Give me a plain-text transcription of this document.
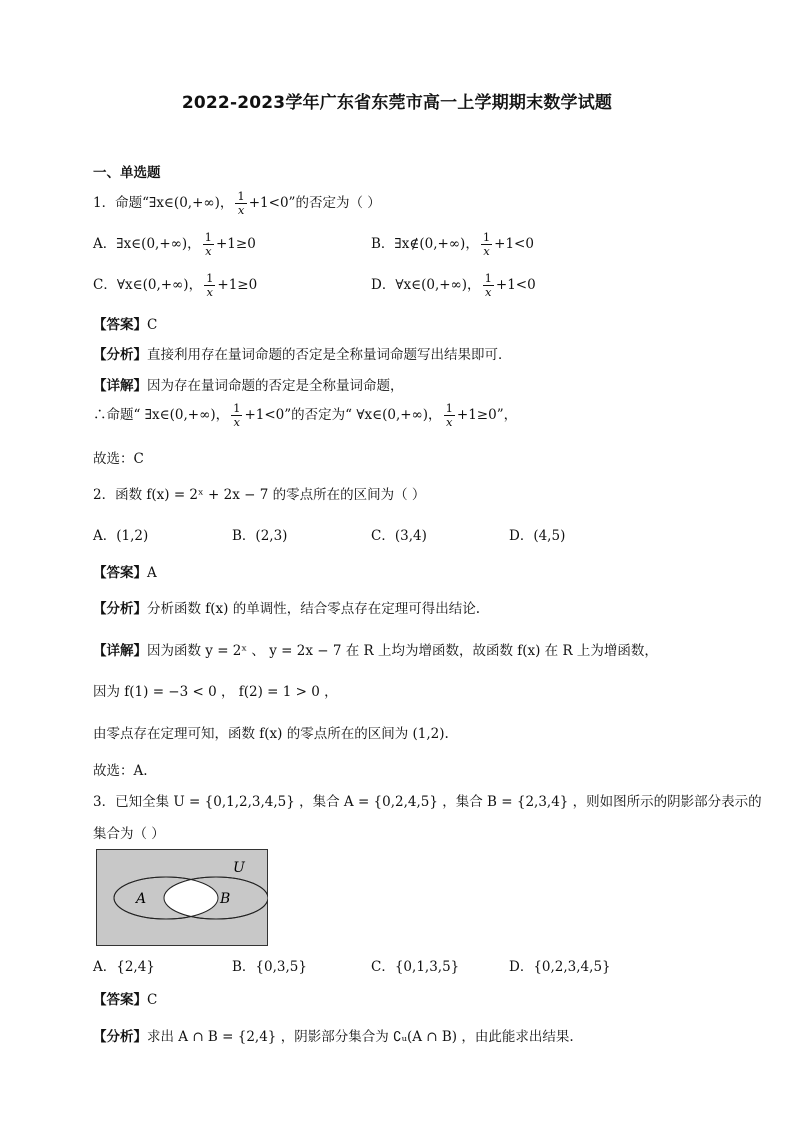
2022-2023学年广东省东莞市高一上学期期末数学试题
一、单选题
1．命题“∃x∈(0,+∞)， $\frac{1}{x} +1<0$”的否定为（ ）
A．∃x∈(0,+∞)， $\frac{1}{x} +1\ge 0$	B．∃x∉(0,+∞)， $\frac{1}{x} +1<0$
C．∀x∈(0,+∞)， $\frac{1}{x} +1\ge 0$	D．∀x∈(0,+∞)， $\frac{1}{x} +1<0$
【答案】C
【分析】直接利用存在量词命题的否定是全称量词命题写出结果即可．
【详解】因为存在量词命题的否定是全称量词命题，
∴命题“ ∃x∈(0,+∞)， $\frac{1}{x} +1<0$”的否定为“ ∀x∈(0,+∞)， $\frac{1}{x} +1\ge 0$”，
故选：C
2．函数 f(x) = 2ˣ + 2x − 7 的零点所在的区间为（ ）
A．(1,2)	B．(2,3)	C．(3,4)	D．(4,5)
【答案】A
【分析】分析函数 f(x) 的单调性，结合零点存在定理可得出结论.
【详解】因为函数 y = 2ˣ 、 y = 2x − 7 在 R 上均为增函数，故函数 f(x) 在 R 上为增函数，
因为 f(1) = −3 < 0 ， f(2) = 1 > 0 ，
由零点存在定理可知，函数 f(x) 的零点所在的区间为 (1,2).
故选：A.
3．已知全集 U = {0,1,2,3,4,5} ，集合 A = {0,2,4,5} ，集合 B = {2,3,4} ，则如图所示的阴影部分表示的
集合为（ ）
U
A	B
A．{2,4}	B．{0,3,5}	C．{0,1,3,5}	D．{0,2,3,4,5}
【答案】C
【分析】求出 A ∩ B = {2,4} ，阴影部分集合为 ∁ᵤ(A ∩ B) ，由此能求出结果.
